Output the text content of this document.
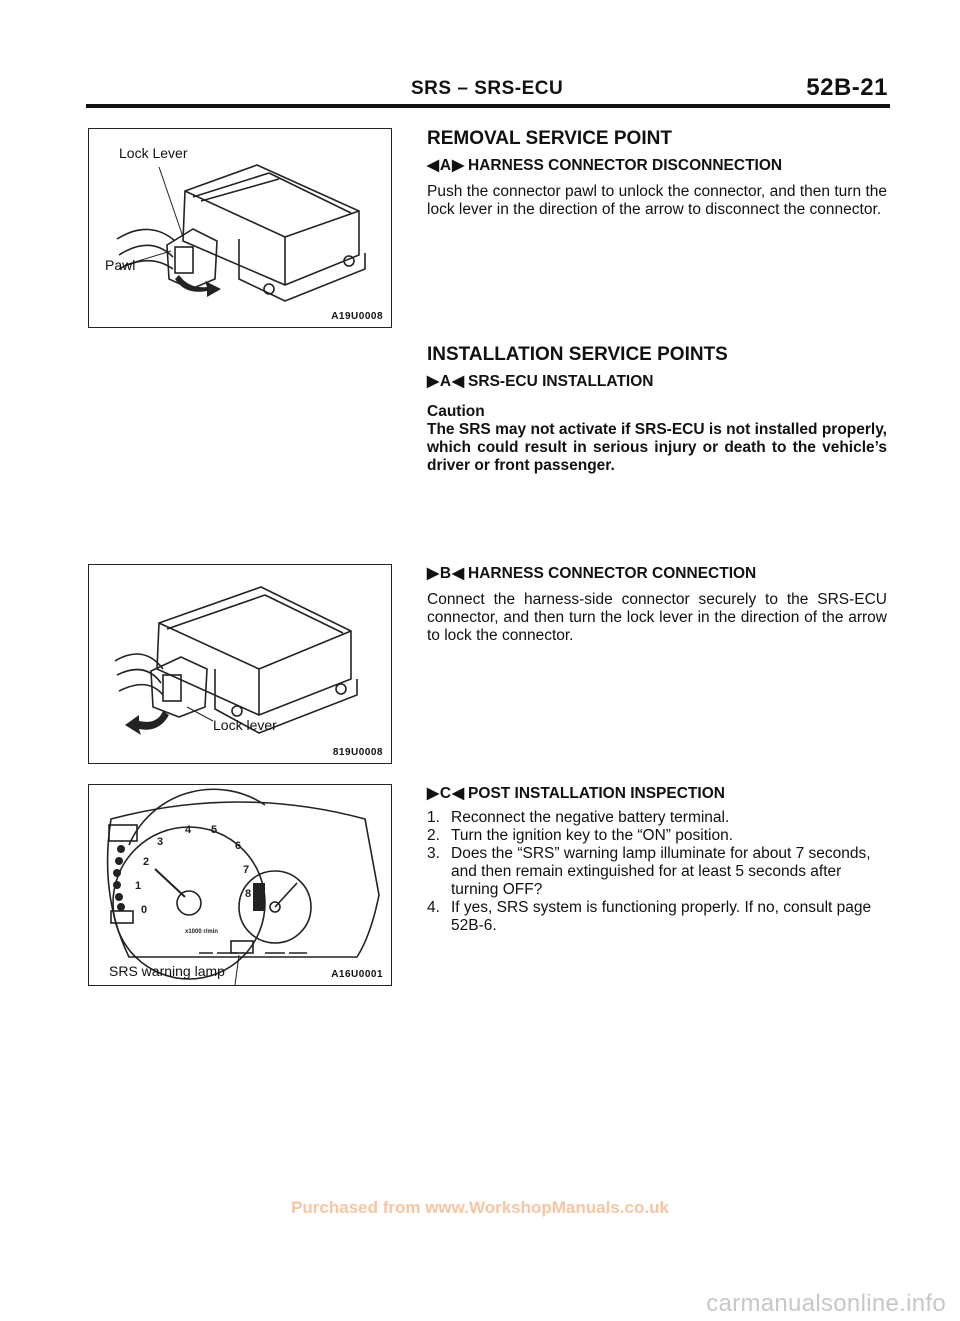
SRS – SRS-ECU	52B-21
Lock Lever
Pawl
A19U0008
Lock lever
819U0008
0
1
2
3
4 5
6
7
8
x1000 r/min
SRS warning lamp	A16U0001
REMOVAL SERVICE POINT
◀ A ▶ HARNESS CONNECTOR DISCONNECTION

Push the connector pawl to unlock the connector, and then turn the lock lever in the direction of the arrow to disconnect the connector.

INSTALLATION SERVICE POINTS
▶ A ◀ SRS-ECU INSTALLATION
Caution
The SRS may not activate if SRS-ECU is not installed properly, which could result in serious injury or death to the vehicle’s driver or front passenger.
▶ B ◀ HARNESS CONNECTOR CONNECTION

Connect the harness-side connector securely to the SRS-ECU connector, and then turn the lock lever in the direction of the arrow to lock the connector.

▶ C ◀ POST INSTALLATION INSPECTION
1. Reconnect the negative battery terminal.
2. Turn the ignition key to the “ON” position.
3. Does the “SRS” warning lamp illuminate for about 7 seconds, and then remain extinguished for at least 5 seconds after turning OFF?
4. If yes, SRS system is functioning properly. If no, consult page 52B-6.
Purchased from www.WorkshopManuals.co.uk
carmanualsonline.info
